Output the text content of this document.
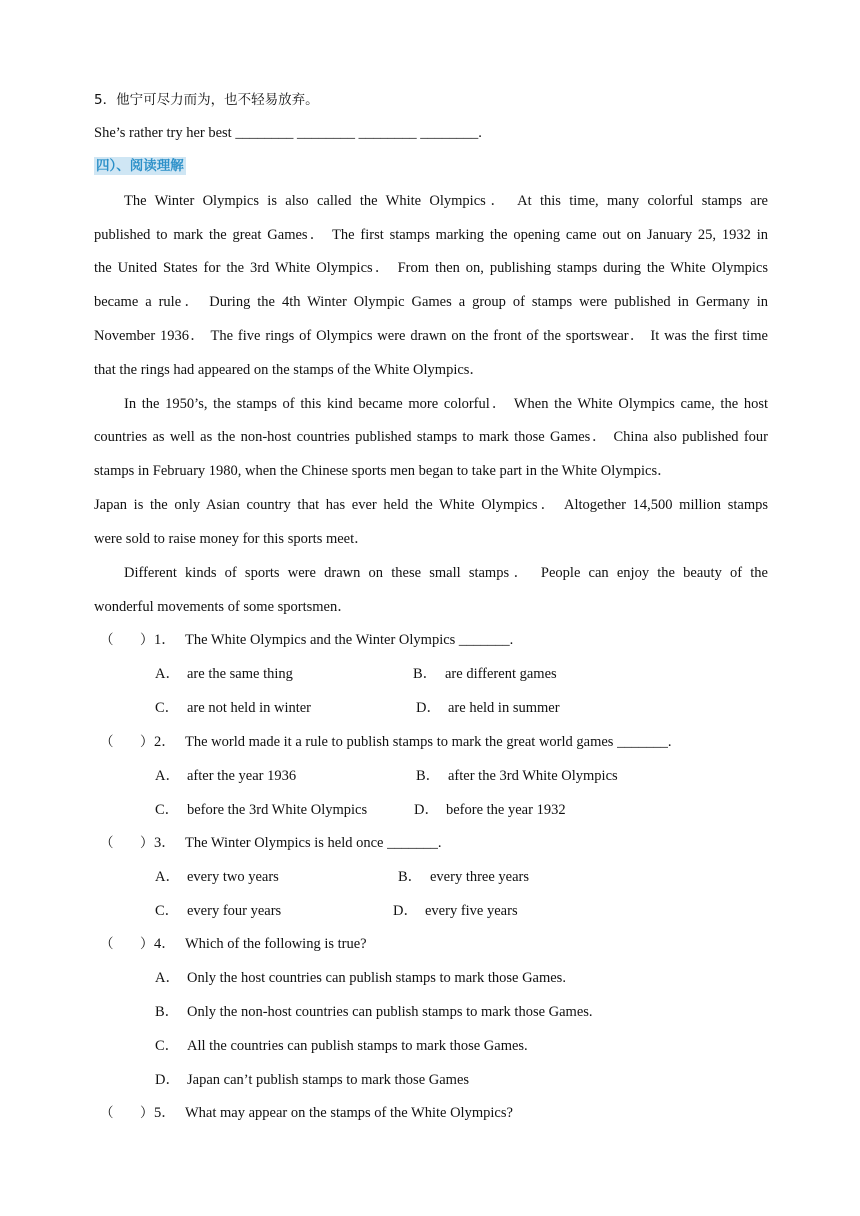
5．他宁可尽力而为，也不轻易放弃。
She’s rather try her best ________ ________ ________ ________.
四）、阅读理解
The Winter Olympics is also called the White Olympics． At this time, many colorful stamps are
published to mark the great Games． The first stamps marking the opening came out on January 25, 1932 in
the United States for the 3rd White Olympics． From then on, publishing stamps during the White Olympics
became a rule． During the 4th Winter Olympic Games a group of stamps were published in Germany in
November 1936． The five rings of Olympics were drawn on the front of the sportswear． It was the first time
that the rings had appeared on the stamps of the White Olympics．
In the 1950’s, the stamps of this kind became more colorful． When the White Olympics came, the host
countries as well as the non-host countries published stamps to mark those Games． China also published four
stamps in February 1980, when the Chinese sports men began to take part in the White Olympics．
Japan is the only Asian country that has ever held the White Olympics． Altogether 14,500 million stamps
were sold to raise money for this sports meet．
Different kinds of sports were drawn on these small stamps． People can enjoy the beauty of the
wonderful movements of some sportsmen．
（ ） 1． The White Olympics and the Winter Olympics _______.
A． are the same thing	B． are different games
C． are not held in winter	D． are held in summer
（ ） 2． The world made it a rule to publish stamps to mark the great world games _______.
A． after the year 1936	B． after the 3rd White Olympics
C． before the 3rd White Olympics	D． before the year 1932
（ ） 3． The Winter Olympics is held once _______.
A． every two years	B． every three years
C． every four years	D． every five years
（ ） 4． Which of the following is true?
A． Only the host countries can publish stamps to mark those Games.
B． Only the non-host countries can publish stamps to mark those Games.
C． All the countries can publish stamps to mark those Games.
D． Japan can’t publish stamps to mark those Games
（ ） 5． What may appear on the stamps of the White Olympics?
